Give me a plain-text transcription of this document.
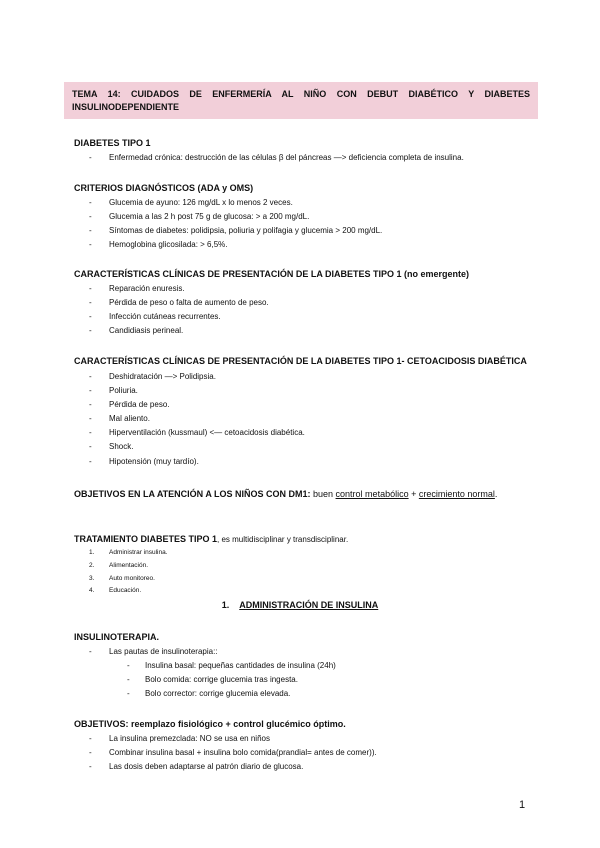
TEMA 14: CUIDADOS DE ENFERMERÍA AL NIÑO CON DEBUT DIABÉTICO Y DIABETES INSULINODEPENDIENTE
DIABETES TIPO 1
- Enfermedad crónica: destrucción de las células β del páncreas —> deficiencia completa de insulina.
CRITERIOS DIAGNÓSTICOS (ADA y OMS)
- Glucemia de ayuno: 126 mg/dL x lo menos 2 veces.
- Glucemia a las 2 h post 75 g de glucosa: > a 200 mg/dL.
- Síntomas de diabetes: polidipsia, poliuria y polifagia y glucemia > 200 mg/dL.
- Hemoglobina glicosilada: > 6,5%.
CARACTERÍSTICAS CLÍNICAS DE PRESENTACIÓN DE LA DIABETES TIPO 1 (no emergente)
- Reparación enuresis.
- Pérdida de peso o falta de aumento de peso.
- Infección cutáneas recurrentes.
- Candidiasis perineal.
CARACTERÍSTICAS CLÍNICAS DE PRESENTACIÓN DE LA DIABETES TIPO 1- CETOACIDOSIS DIABÉTICA
- Deshidratación —> Polidipsia.
- Poliuria.
- Pérdida de peso.
- Mal aliento.
- Hiperventilación (kussmaul) <— cetoacidosis diabética.
- Shock.
- Hipotensión (muy tardío).
OBJETIVOS EN LA ATENCIÓN A LOS NIÑOS CON DM1: buen control metabólico + crecimiento normal.
TRATAMIENTO DIABETES TIPO 1, es multidisciplinar y transdisciplinar.
1. Administrar insulina.
2. Alimentación.
3. Auto monitoreo.
4. Educación.
1. ADMINISTRACIÓN DE INSULINA
INSULINOTERAPIA.
- Las pautas de insulinoterapia::
- Insulina basal: pequeñas cantidades de insulina (24h)
- Bolo comida: corrige glucemia tras ingesta.
- Bolo corrector: corrige glucemia elevada.
OBJETIVOS: reemplazo fisiológico + control glucémico óptimo.
- La insulina premezclada: NO se usa en niños
- Combinar insulina basal + insulina bolo comida(prandial= antes de comer)).
- Las dosis deben adaptarse al patrón diario de glucosa.
1
